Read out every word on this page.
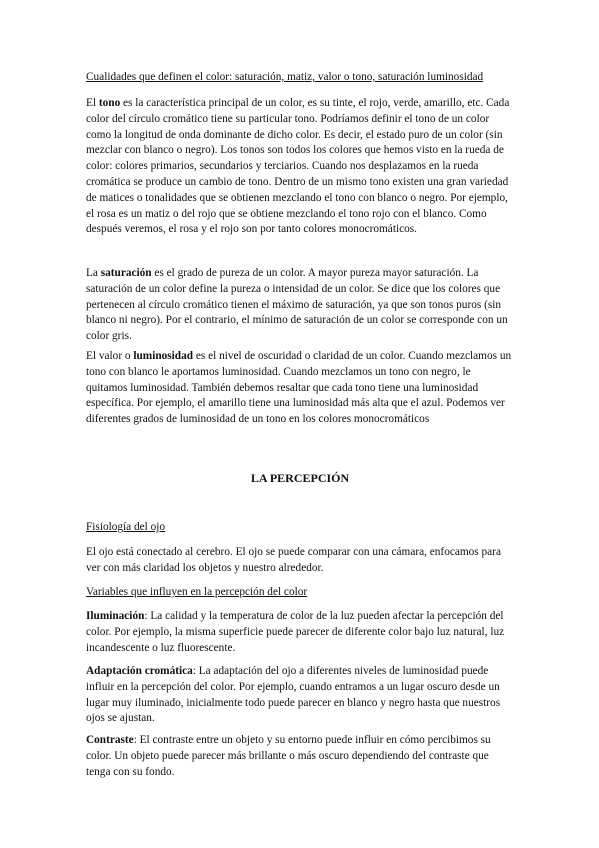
Cualidades que definen el color: saturación, matiz, valor o tono, saturación luminosidad

El tono es la característica principal de un color, es su tinte, el rojo, verde, amarillo, etc. Cada color del círculo cromático tiene su particular tono. Podríamos definir el tono de un color como la longitud de onda dominante de dicho color. Es decir, el estado puro de un color (sin mezclar con blanco o negro). Los tonos son todos los colores que hemos visto en la rueda de color: colores primarios, secundarios y terciarios. Cuando nos desplazamos en la rueda cromática se produce un cambio de tono. Dentro de un mismo tono existen una gran variedad de matices o tonalidades que se obtienen mezclando el tono con blanco o negro. Por ejemplo, el rosa es un matiz o del rojo que se obtiene mezclando el tono rojo con el blanco. Como después veremos, el rosa y el rojo son por tanto colores monocromáticos.

La saturación es el grado de pureza de un color. A mayor pureza mayor saturación. La saturación de un color define la pureza o intensidad de un color. Se dice que los colores que pertenecen al círculo cromático tienen el máximo de saturación, ya que son tonos puros (sin blanco ni negro). Por el contrario, el mínimo de saturación de un color se corresponde con un color gris.

El valor o luminosidad es el nivel de oscuridad o claridad de un color. Cuando mezclamos un tono con blanco le aportamos luminosidad. Cuando mezclamos un tono con negro, le quitamos luminosidad. También debemos resaltar que cada tono tiene una luminosidad específica. Por ejemplo, el amarillo tiene una luminosidad más alta que el azul. Podemos ver diferentes grados de luminosidad de un tono en los colores monocromáticos

LA PERCEPCIÓN

Fisiología del ojo

El ojo está conectado al cerebro. El ojo se puede comparar con una cámara, enfocamos para ver con más claridad los objetos y nuestro alrededor.

Variables que influyen en la percepción del color

Iluminación: La calidad y la temperatura de color de la luz pueden afectar la percepción del color. Por ejemplo, la misma superficie puede parecer de diferente color bajo luz natural, luz incandescente o luz fluorescente.

Adaptación cromática: La adaptación del ojo a diferentes niveles de luminosidad puede influir en la percepción del color. Por ejemplo, cuando entramos a un lugar oscuro desde un lugar muy iluminado, inicialmente todo puede parecer en blanco y negro hasta que nuestros ojos se ajustan.

Contraste: El contraste entre un objeto y su entorno puede influir en cómo percibimos su color. Un objeto puede parecer más brillante o más oscuro dependiendo del contraste que tenga con su fondo.
